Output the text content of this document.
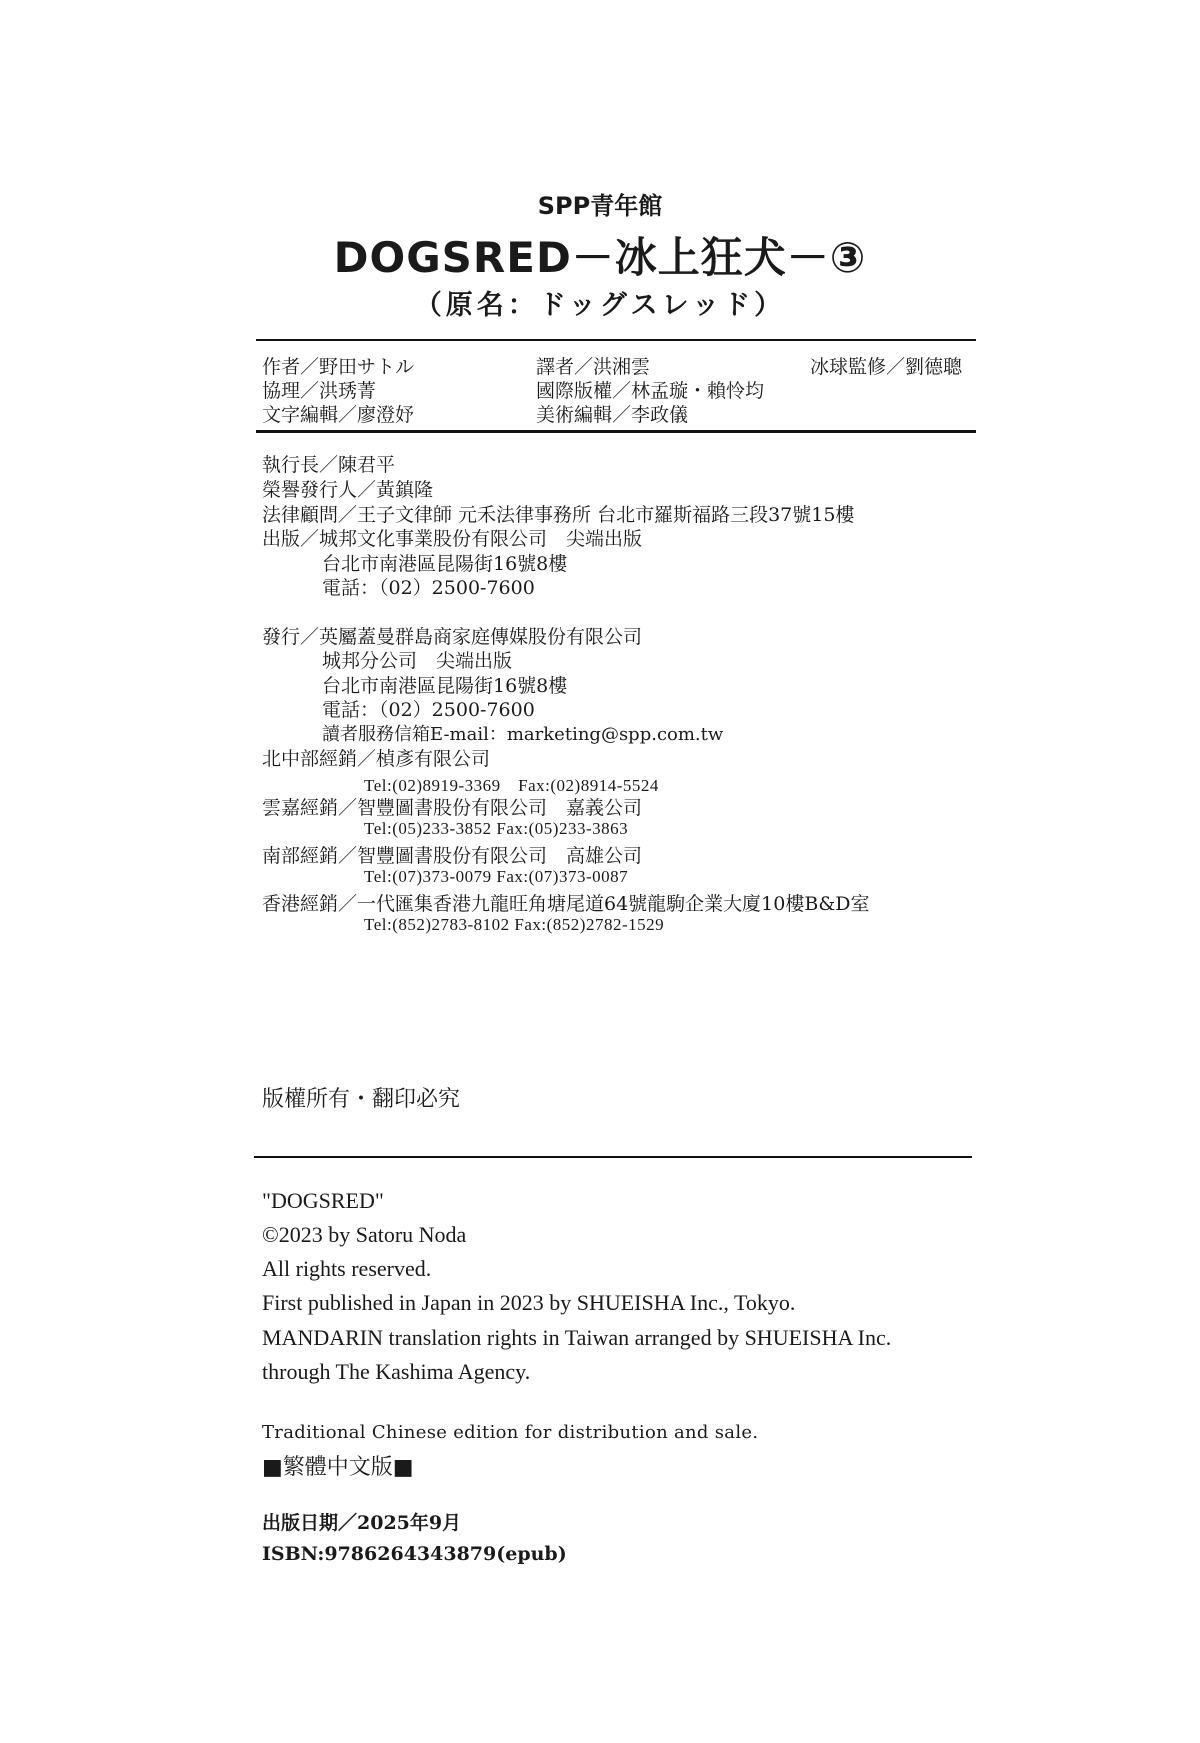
SPP青年館
DOGSRED－冰上狂犬－③
（原名：ドッグスレッド）
作者／野田サトル
協理／洪琇菁
文字編輯／廖澄妤
譯者／洪湘雲
國際版權／林孟璇・賴怜均
美術編輯／李政儀
冰球監修／劉德聰
執行長／陳君平
榮譽發行人／黃鎮隆
法律顧問／王子文律師 元禾法律事務所 台北市羅斯福路三段37號15樓
出版／城邦文化事業股份有限公司　尖端出版
台北市南港區昆陽街16號8樓
電話：（02）2500-7600
發行／英屬蓋曼群島商家庭傳媒股份有限公司
城邦分公司　尖端出版
台北市南港區昆陽街16號8樓
電話：（02）2500-7600
讀者服務信箱E-mail：marketing@spp.com.tw
北中部經銷／楨彥有限公司
Tel:(02)8919-3369　Fax:(02)8914-5524
雲嘉經銷／智豐圖書股份有限公司　嘉義公司
Tel:(05)233-3852 Fax:(05)233-3863
南部經銷／智豐圖書股份有限公司　高雄公司
Tel:(07)373-0079 Fax:(07)373-0087
香港經銷／一代匯集香港九龍旺角塘尾道64號龍駒企業大廈10樓B&D室
Tel:(852)2783-8102 Fax:(852)2782-1529
版權所有・翻印必究
"DOGSRED"
©2023 by Satoru Noda
All rights reserved.
First published in Japan in 2023 by SHUEISHA Inc., Tokyo.
MANDARIN translation rights in Taiwan arranged by SHUEISHA Inc.
through The Kashima Agency.
Traditional Chinese edition for distribution and sale.
■繁體中文版■
出版日期／2025年9月
ISBN:9786264343879(epub)
